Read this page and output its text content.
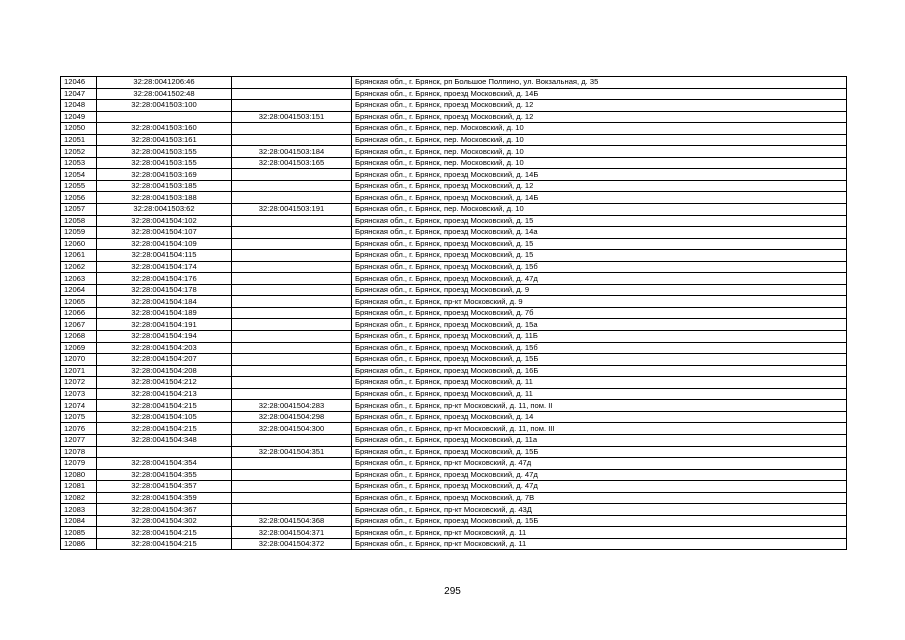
12046	32:28:0041206:46		Брянская обл., г. Брянск, рп Большое Полпино, ул. Вокзальная, д. 35
12047	32:28:0041502:48		Брянская обл., г. Брянск, проезд Московский, д. 14Б
12048	32:28:0041503:100		Брянская обл., г. Брянск, проезд Московский, д. 12
12049		32:28:0041503:151	Брянская обл., г. Брянск, проезд Московский, д. 12
12050	32:28:0041503:160		Брянская обл., г. Брянск, пер. Московский, д. 10
12051	32:28:0041503:161		Брянская обл., г. Брянск, пер. Московский, д. 10
12052	32:28:0041503:155	32:28:0041503:184	Брянская обл., г. Брянск, пер. Московский, д. 10
12053	32:28:0041503:155	32:28:0041503:165	Брянская обл., г. Брянск, пер. Московский, д. 10
12054	32:28:0041503:169		Брянская обл., г. Брянск, проезд Московский, д. 14Б
12055	32:28:0041503:185		Брянская обл., г. Брянск, проезд Московский, д. 12
12056	32:28:0041503:188		Брянская обл., г. Брянск, проезд Московский, д. 14Б
12057	32:28:0041503:62	32:28:0041503:191	Брянская обл., г. Брянск, пер. Московский, д. 10
12058	32:28:0041504:102		Брянская обл., г. Брянск, проезд Московский, д. 15
12059	32:28:0041504:107		Брянская обл., г. Брянск, проезд Московский, д. 14а
12060	32:28:0041504:109		Брянская обл., г. Брянск, проезд Московский, д. 15
12061	32:28:0041504:115		Брянская обл., г. Брянск, проезд Московский, д. 15
12062	32:28:0041504:174		Брянская обл., г. Брянск, проезд Московский, д. 15б
12063	32:28:0041504:176		Брянская обл., г. Брянск, проезд Московский, д. 47д
12064	32:28:0041504:178		Брянская обл., г. Брянск, проезд Московский, д. 9
12065	32:28:0041504:184		Брянская обл., г. Брянск, пр-кт Московский, д. 9
12066	32:28:0041504:189		Брянская обл., г. Брянск, проезд Московский, д. 7б
12067	32:28:0041504:191		Брянская обл., г. Брянск, проезд Московский, д. 15а
12068	32:28:0041504:194		Брянская обл., г. Брянск, проезд Московский, д. 11Б
12069	32:28:0041504:203		Брянская обл., г. Брянск, проезд Московский, д. 15б
12070	32:28:0041504:207		Брянская обл., г. Брянск, проезд Московский, д. 15Б
12071	32:28:0041504:208		Брянская обл., г. Брянск, проезд Московский, д. 16Б
12072	32:28:0041504:212		Брянская обл., г. Брянск, проезд Московский, д. 11
12073	32:28:0041504:213		Брянская обл., г. Брянск, проезд Московский, д. 11
12074	32:28:0041504:215	32:28:0041504:283	Брянская обл., г. Брянск, пр-кт Московский, д. 11, пом. II
12075	32:28:0041504:105	32:28:0041504:298	Брянская обл., г. Брянск, проезд Московский, д. 14
12076	32:28:0041504:215	32:28:0041504:300	Брянская обл., г. Брянск, пр-кт Московский, д. 11, пом. III
12077	32:28:0041504:348		Брянская обл., г. Брянск, проезд Московский, д. 11а
12078		32:28:0041504:351	Брянская обл., г. Брянск, проезд Московский, д. 15Б
12079	32:28:0041504:354		Брянская обл., г. Брянск, пр-кт Московский, д. 47д
12080	32:28:0041504:355		Брянская обл., г. Брянск, проезд Московский, д. 47д
12081	32:28:0041504:357		Брянская обл., г. Брянск, проезд Московский, д. 47д
12082	32:28:0041504:359		Брянская обл., г. Брянск, проезд Московский, д. 7В
12083	32:28:0041504:367		Брянская обл., г. Брянск, пр-кт Московский, д. 43Д
12084	32:28:0041504:302	32:28:0041504:368	Брянская обл., г. Брянск, проезд Московский, д. 15Б
12085	32:28:0041504:215	32:28:0041504:371	Брянская обл., г. Брянск, пр-кт Московский, д. 11
12086	32:28:0041504:215	32:28:0041504:372	Брянская обл., г. Брянск, пр-кт Московский, д. 11
295
